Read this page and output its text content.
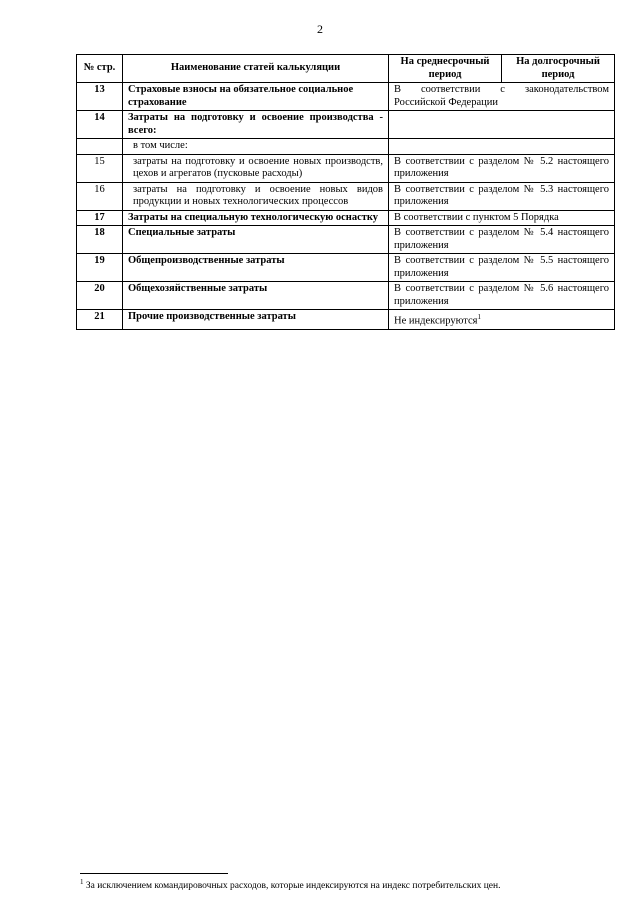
2
№ стр.	Наименование статей калькуляции	На среднесрочный период	На долгосрочный период
13	Страховые взносы на обязательное социальное страхование	В соответствии с законодательством Российской Федерации	
14	Затраты на подготовку и освоение производства - всего:		
	в том числе:		
15	затраты на подготовку и освоение новых производств, цехов и агрегатов (пусковые расходы)	В соответствии с разделом № 5.2 настоящего приложения	
16	затраты на подготовку и освоение новых видов продукции и новых технологических процессов	В соответствии с разделом № 5.3 настоящего приложения	
17	Затраты на специальную технологическую оснастку	В соответствии с пунктом 5 Порядка	
18	Специальные затраты	В соответствии с разделом № 5.4 настоящего приложения	
19	Общепроизводственные затраты	В соответствии с разделом № 5.5 настоящего приложения	
20	Общехозяйственные затраты	В соответствии с разделом № 5.6 настоящего приложения	
21	Прочие производственные затраты	Не индексируются$^1$
$^1$ За исключением командировочных расходов, которые индексируются на индекс потребительских цен.
